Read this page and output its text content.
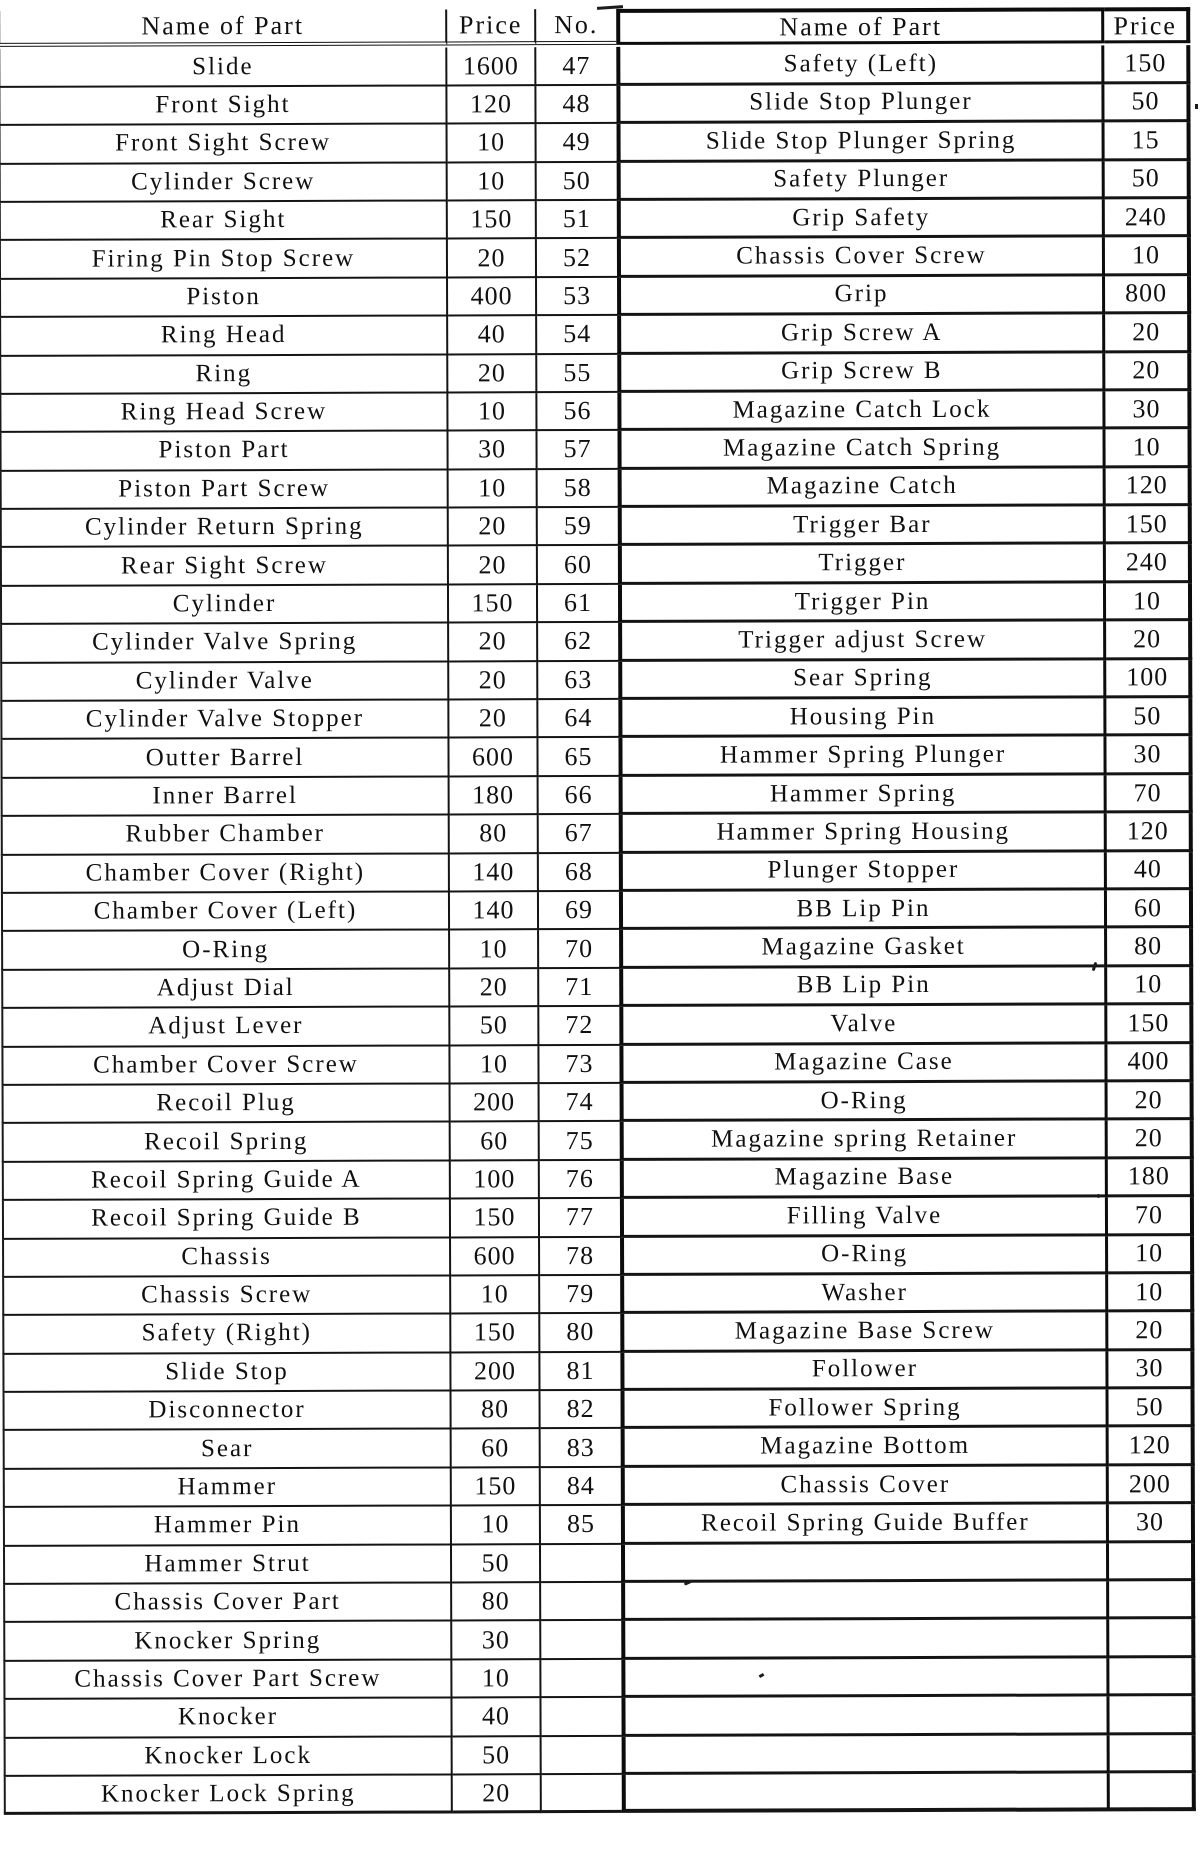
Name of Part	Price	No.	Name of Part	Price
Slide	1600	47	Safety (Left)	150
Front Sight	120	48	Slide Stop Plunger	50
Front Sight Screw	10	49	Slide Stop Plunger Spring	15
Cylinder Screw	10	50	Safety Plunger	50
Rear Sight	150	51	Grip Safety	240
Firing Pin Stop Screw	20	52	Chassis Cover Screw	10
Piston	400	53	Grip	800
Ring Head	40	54	Grip Screw A	20
Ring	20	55	Grip Screw B	20
Ring Head Screw	10	56	Magazine Catch Lock	30
Piston Part	30	57	Magazine Catch Spring	10
Piston Part Screw	10	58	Magazine Catch	120
Cylinder Return Spring	20	59	Trigger Bar	150
Rear Sight Screw	20	60	Trigger	240
Cylinder	150	61	Trigger Pin	10
Cylinder Valve Spring	20	62	Trigger adjust Screw	20
Cylinder Valve	20	63	Sear Spring	100
Cylinder Valve Stopper	20	64	Housing Pin	50
Outter Barrel	600	65	Hammer Spring Plunger	30
Inner Barrel	180	66	Hammer Spring	70
Rubber Chamber	80	67	Hammer Spring Housing	120
Chamber Cover (Right)	140	68	Plunger Stopper	40
Chamber Cover (Left)	140	69	BB Lip Pin	60
O-Ring	10	70	Magazine Gasket	80
Adjust Dial	20	71	BB Lip Pin	10
Adjust Lever	50	72	Valve	150
Chamber Cover Screw	10	73	Magazine Case	400
Recoil Plug	200	74	O-Ring	20
Recoil Spring	60	75	Magazine spring Retainer	20
Recoil Spring Guide A	100	76	Magazine Base	180
Recoil Spring Guide B	150	77	Filling Valve	70
Chassis	600	78	O-Ring	10
Chassis Screw	10	79	Washer	10
Safety (Right)	150	80	Magazine Base Screw	20
Slide Stop	200	81	Follower	30
Disconnector	80	82	Follower Spring	50
Sear	60	83	Magazine Bottom	120
Hammer	150	84	Chassis Cover	200
Hammer Pin	10	85	Recoil Spring Guide Buffer	30
Hammer Strut	50
Chassis Cover Part	80
Knocker Spring	30
Chassis Cover Part Screw	10
Knocker	40
Knocker Lock	50
Knocker Lock Spring	20
